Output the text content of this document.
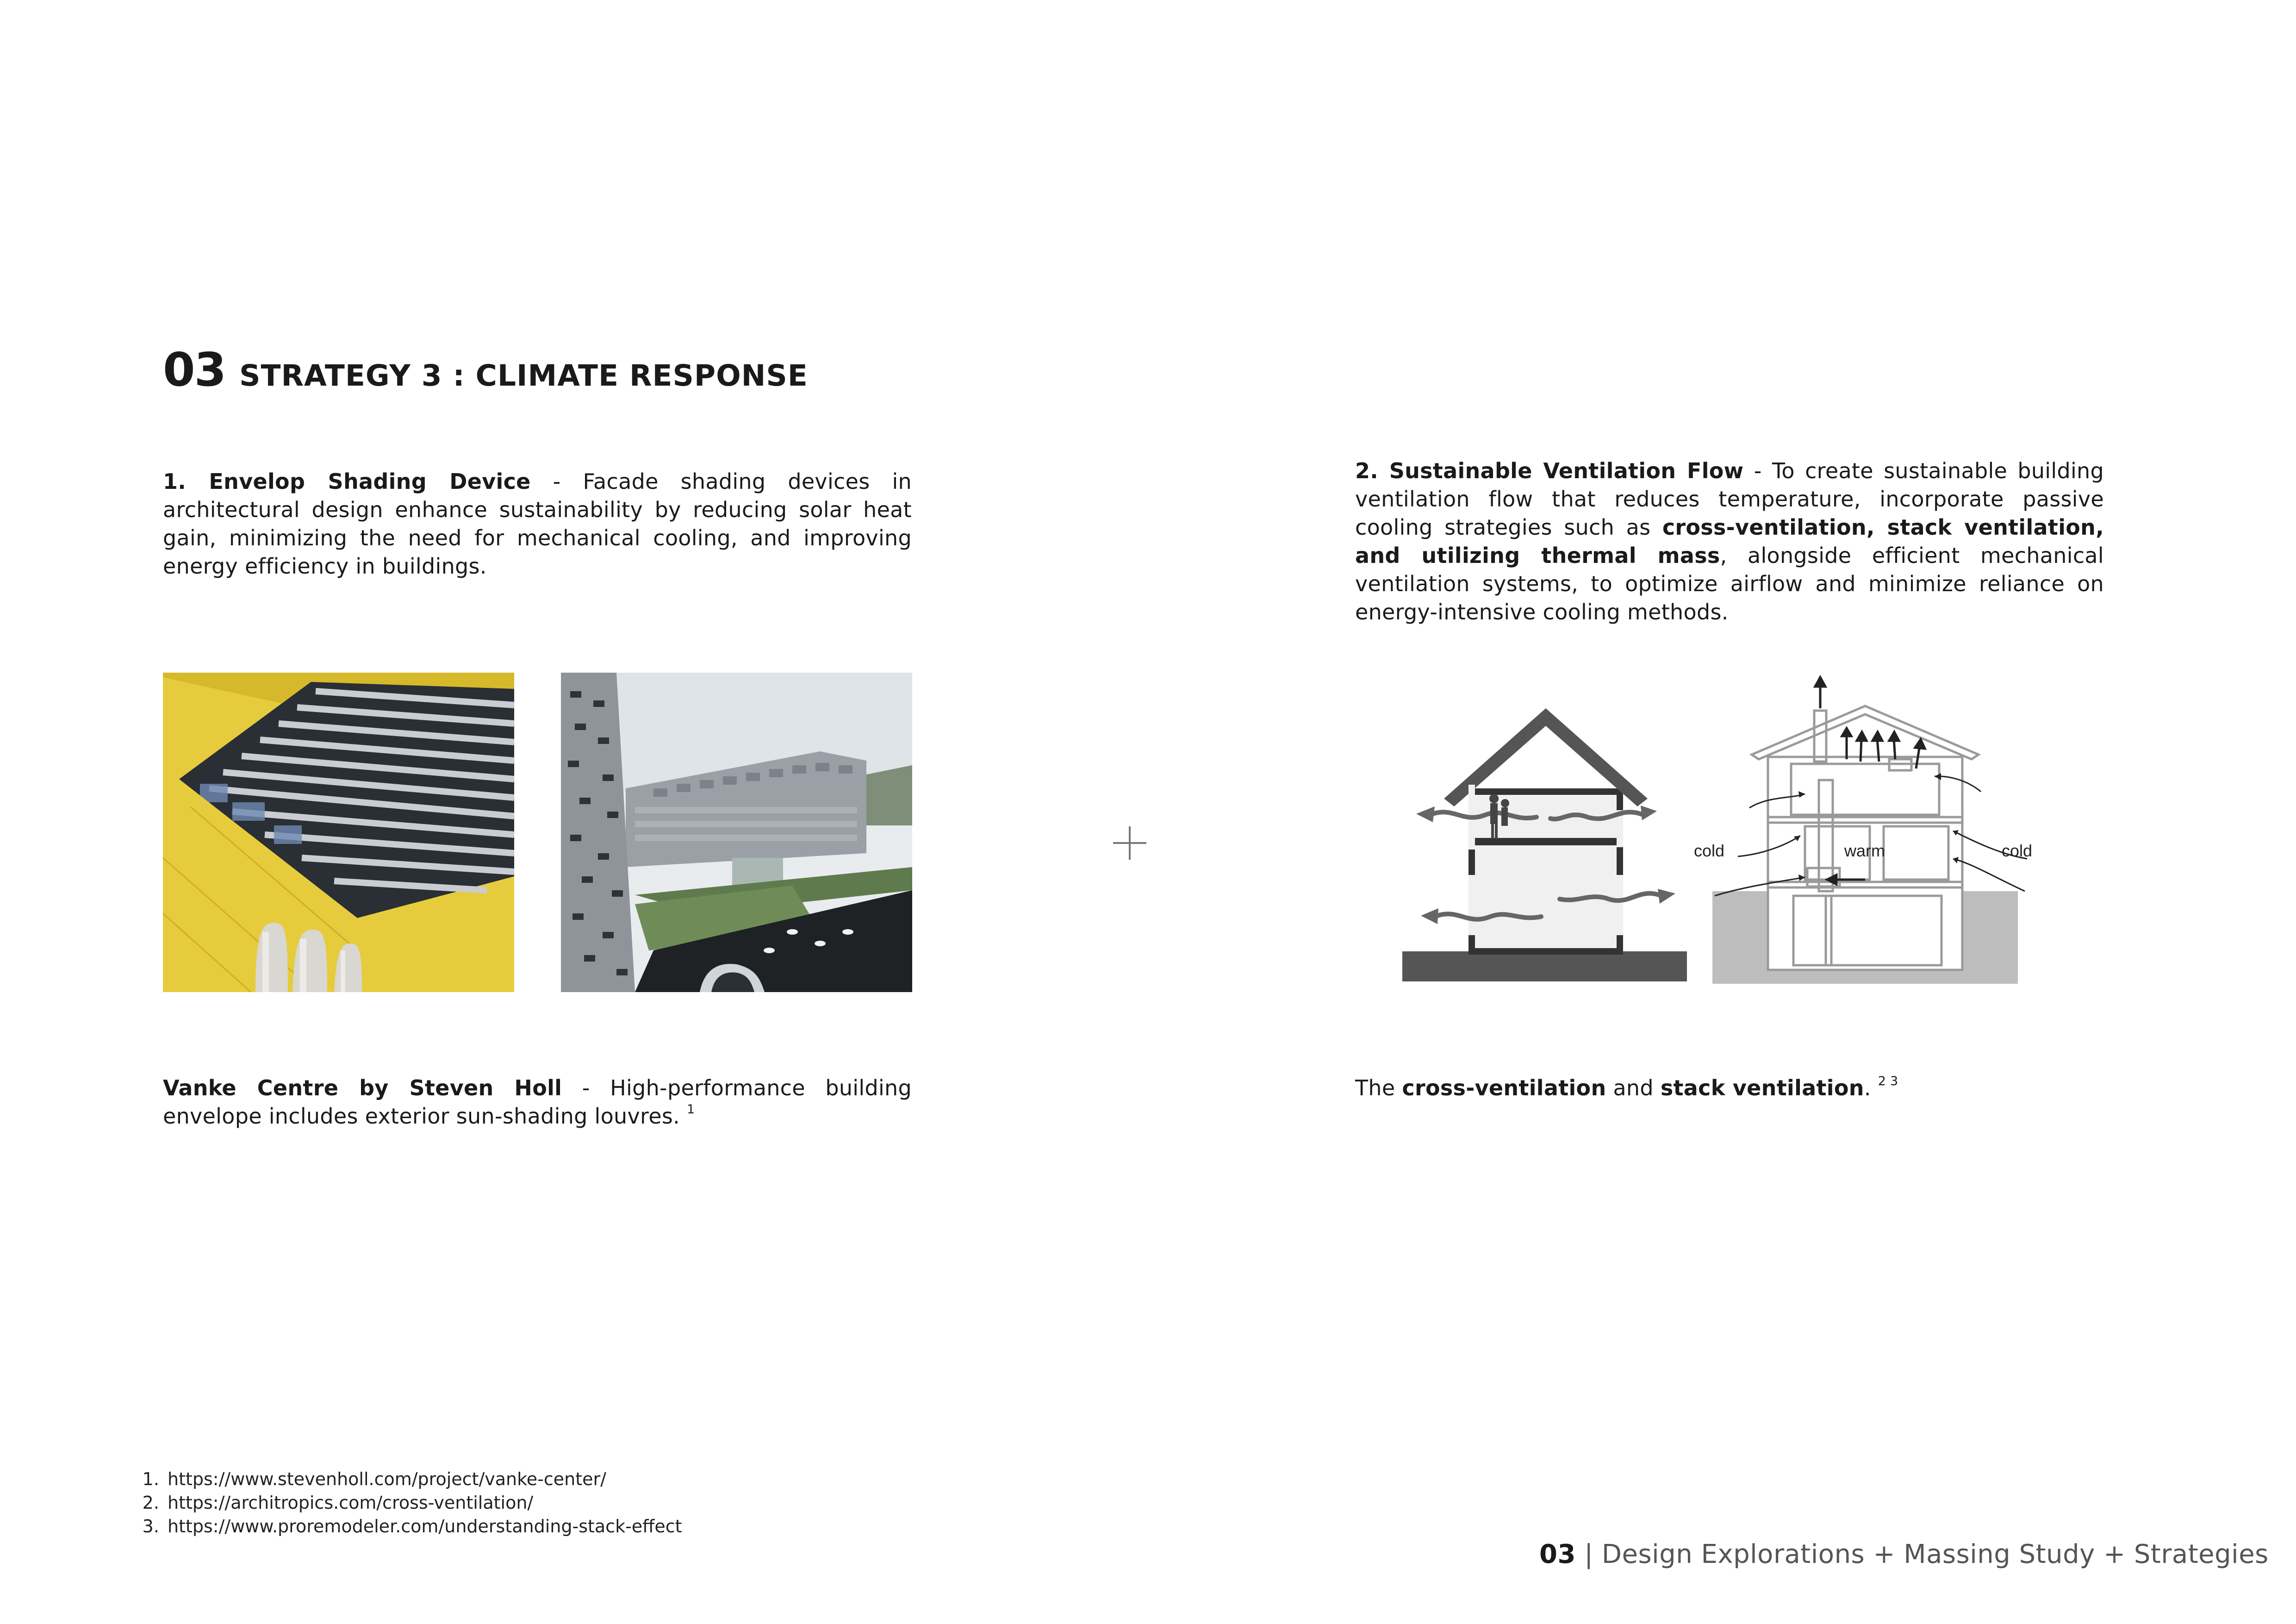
03 STRATEGY 3 : CLIMATE RESPONSE

1. Envelop Shading Device - Facade shading devices in architectural design enhance sustainability by reducing solar heat gain, minimizing the need for mechanical cooling, and improving energy efficiency in buildings.

2. Sustainable Ventilation Flow - To create sustainable building ventilation flow that reduces temperature, incorporate passive cooling strategies such as cross-ventilation, stack ventilation, and utilizing thermal mass, alongside efficient mechanical ventilation systems, to optimize airflow and minimize reliance on energy-intensive cooling methods.

cold	warm	cold

Vanke Centre by Steven Holl - High-performance building envelope includes exterior sun-shading louvres. $^1$

The cross-ventilation and stack ventilation. $^{2 3}$

1. https://www.stevenholl.com/project/vanke-center/
2. https://architropics.com/cross-ventilation/
3. https://www.proremodeler.com/understanding-stack-effect
03 | Design Explorations + Massing Study + Strategies
